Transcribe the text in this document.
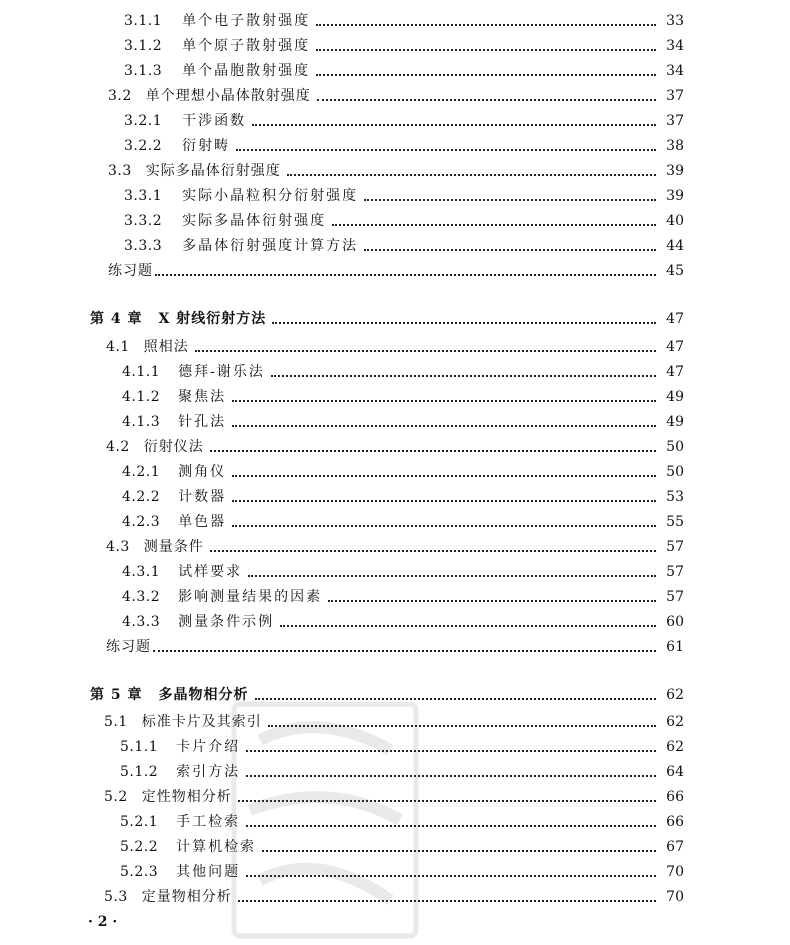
3.1.1 单个电子散射强度	33
3.1.2 单个原子散射强度	34
3.1.3 单个晶胞散射强度	34
3.2 单个理想小晶体散射强度	37
3.2.1 干涉函数	37
3.2.2 衍射畴	38
3.3 实际多晶体衍射强度	39
3.3.1 实际小晶粒积分衍射强度	39
3.3.2 实际多晶体衍射强度	40
3.3.3 多晶体衍射强度计算方法	44
练习题	45
第 4 章 X 射线衍射方法	47
4.1 照相法	47
4.1.1 德拜-谢乐法	47
4.1.2 聚焦法	49
4.1.3 针孔法	49
4.2 衍射仪法	50
4.2.1 测角仪	50
4.2.2 计数器	53
4.2.3 单色器	55
4.3 测量条件	57
4.3.1 试样要求	57
4.3.2 影响测量结果的因素	57
4.3.3 测量条件示例	60
练习题	61
第 5 章 多晶物相分析	62
5.1 标准卡片及其索引	62
5.1.1 卡片介绍	62
5.1.2 索引方法	64
5.2 定性物相分析	66
5.2.1 手工检索	66
5.2.2 计算机检索	67
5.2.3 其他问题	70
5.3 定量物相分析	70
· 2 ·
